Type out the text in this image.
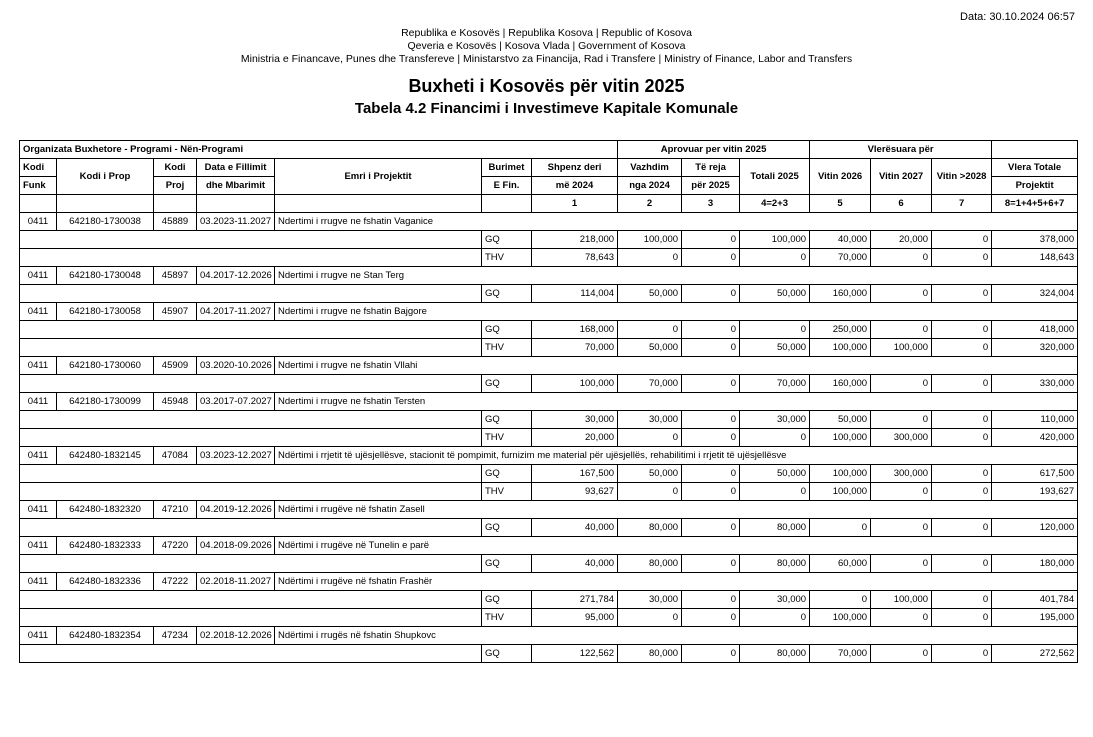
Data: 30.10.2024 06:57
Republika e Kosovës | Republika Kosova | Republic of Kosova
Qeveria e Kosovës | Kosova Vlada | Government of Kosova
Ministria e Financave, Punes dhe Transfereve | Ministarstvo za Financija, Rad i Transfere | Ministry of Finance, Labor and Transfers
Buxheti i Kosovës për vitin 2025
Tabela 4.2 Financimi i Investimeve Kapitale Komunale
Organizata Buxhetore - Programi - Nën-Programi							Aprovuar per vitin 2025			Vlerësuara për			
Kodi	Kodi i Prop	Kodi	Data e Fillimit	Emri i Projektit	Burimet	Shpenz deri	Vazhdim	Të reja	Totali 2025	Vitin 2026	Vitin 2027	Vitin >2028	Vlera Totale
Funk		Proj	dhe Mbarimit		E Fin.	më 2024	nga 2024	për 2025					Projektit
						1	2	3	4=2+3	5	6	7	8=1+4+5+6+7
0411	642180-1730038	45889	03.2023-11.2027	Ndertimi i rrugve ne fshatin Vaganice									
					GQ	218,000	100,000	0	100,000	40,000	20,000	0	378,000
					THV	78,643	0	0	0	70,000	0	0	148,643
0411	642180-1730048	45897	04.2017-12.2026	Ndertimi i rrugve ne Stan Terg									
					GQ	114,004	50,000	0	50,000	160,000	0	0	324,004
0411	642180-1730058	45907	04.2017-11.2027	Ndertimi i rrugve ne fshatin Bajgore									
					GQ	168,000	0	0	0	250,000	0	0	418,000
					THV	70,000	50,000	0	50,000	100,000	100,000	0	320,000
0411	642180-1730060	45909	03.2020-10.2026	Ndertimi i rrugve ne fshatin Vllahi									
					GQ	100,000	70,000	0	70,000	160,000	0	0	330,000
0411	642180-1730099	45948	03.2017-07.2027	Ndertimi i rrugve ne fshatin Tersten									
					GQ	30,000	30,000	0	30,000	50,000	0	0	110,000
					THV	20,000	0	0	0	100,000	300,000	0	420,000
0411	642480-1832145	47084	03.2023-12.2027	Ndërtimi i rrjetit të ujësjellësve, stacionit të pompimit, furnizim me material për ujësjellës, rehabilitimi i rrjetit të ujësjellësve									
					GQ	167,500	50,000	0	50,000	100,000	300,000	0	617,500
					THV	93,627	0	0	0	100,000	0	0	193,627
0411	642480-1832320	47210	04.2019-12.2026	Ndërtimi i rrugëve në fshatin Zasell									
					GQ	40,000	80,000	0	80,000	0	0	0	120,000
0411	642480-1832333	47220	04.2018-09.2026	Ndërtimi i rrugëve në Tunelin e parë									
					GQ	40,000	80,000	0	80,000	60,000	0	0	180,000
0411	642480-1832336	47222	02.2018-11.2027	Ndërtimi i rrugëve në fshatin Frashër									
					GQ	271,784	30,000	0	30,000	0	100,000	0	401,784
					THV	95,000	0	0	0	100,000	0	0	195,000
0411	642480-1832354	47234	02.2018-12.2026	Ndërtimi i rrugës në fshatin Shupkovc									
					GQ	122,562	80,000	0	80,000	70,000	0	0	272,562
